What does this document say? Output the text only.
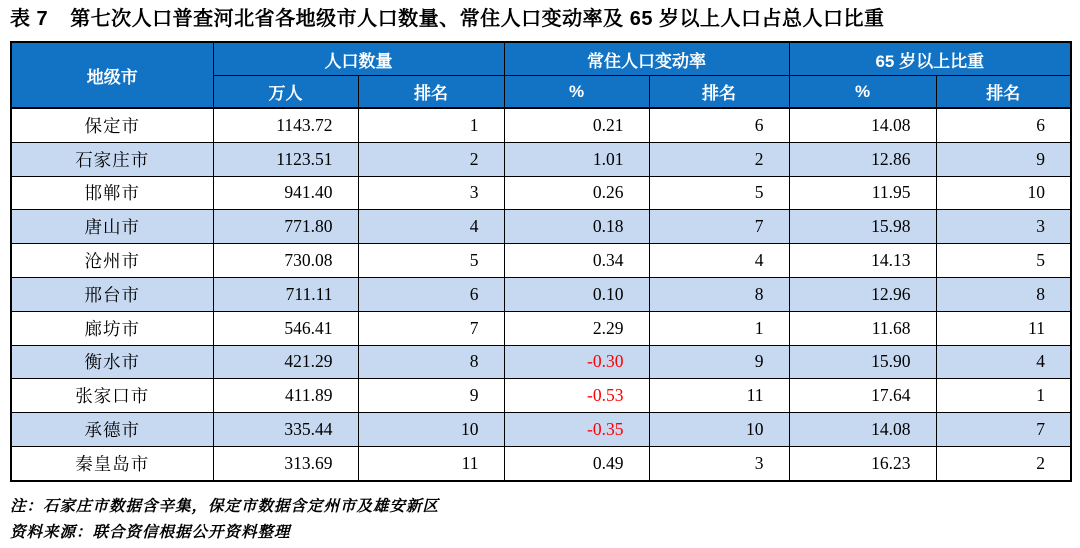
表 7 第七次人口普查河北省各地级市人口数量、常住人口变动率及 65 岁以上人口占总人口比重
地级市	人口数量		常住人口变动率		65 岁以上比重	
	万人	排名	%	排名	%	排名
保定市	1143.72	1	0.21	6	14.08	6
石家庄市	1123.51	2	1.01	2	12.86	9
邯郸市	941.40	3	0.26	5	11.95	10
唐山市	771.80	4	0.18	7	15.98	3
沧州市	730.08	5	0.34	4	14.13	5
邢台市	711.11	6	0.10	8	12.96	8
廊坊市	546.41	7	2.29	1	11.68	11
衡水市	421.29	8	-0.30	9	15.90	4
张家口市	411.89	9	-0.53	11	17.64	1
承德市	335.44	10	-0.35	10	14.08	7
秦皇岛市	313.69	11	0.49	3	16.23	2
注：石家庄市数据含辛集，保定市数据含定州市及雄安新区
资料来源：联合资信根据公开资料整理
